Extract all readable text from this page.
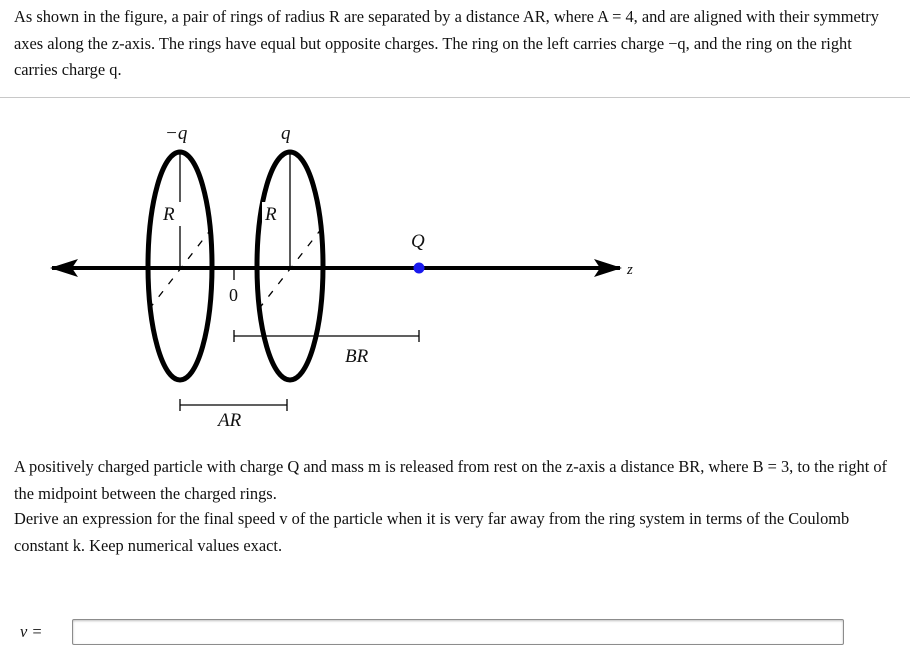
As shown in the figure, a pair of rings of radius R are separated by a distance AR, where A = 4, and are aligned with their symmetry axes along the z-axis. The rings have equal but opposite charges. The ring on the left carries charge −q, and the ring on the right carries charge q.

−q	q
R	R
Q
z
0
BR
AR

A positively charged particle with charge Q and mass m is released from rest on the z-axis a distance BR, where B = 3, to the right of the midpoint between the charged rings.

Derive an expression for the final speed v of the particle when it is very far away from the ring system in terms of the Coulomb constant k. Keep numerical values exact.

v =
